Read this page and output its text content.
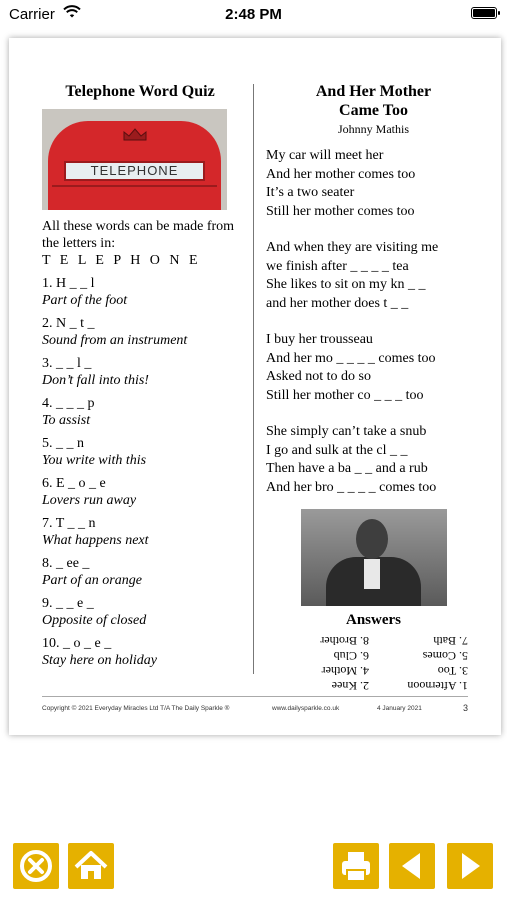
Carrier	2:48 PM
Telephone Word Quiz
TELEPHONE
All these words can be made from the letters in:
T E L E P H O N E
1. H _ _ l
Part of the foot
2. N _ t _
Sound from an instrument
3. _ _ l _
Don’t fall into this!
4. _ _ _ p
To assist
5. _ _ n
You write with this
6. E _ o _ e
Lovers run away
7. T _ _ n
What happens next
8. _ ee _
Part of an orange
9. _ _ e _
Opposite of closed
10. _ o _ e _
Stay here on holiday
And Her Mother
Came Too
Johnny Mathis

My car will meet her
And her mother comes too
It’s a two seater
Still her mother comes too

And when they are visiting me
we finish after _ _ _ _ tea
She likes to sit on my kn _ _
and her mother does t _ _

I buy her trousseau
And her mo _ _ _ _ comes too
Asked not to do so
Still her mother co _ _ _ too

She simply can’t take a snub
I go and sulk at the cl _ _
Then have a ba _ _ and a rub
And her bro _ _ _ _ comes too

Answers
1. Afternoon
2. Knee
3. Too
4. Mother
5. Comes
6. Club
7. Bath
8. Brother
Copyright © 2021 Everyday Miracles Ltd T/A The Daily Sparkle ®	www.dailysparkle.co.uk	4 January 2021	3
